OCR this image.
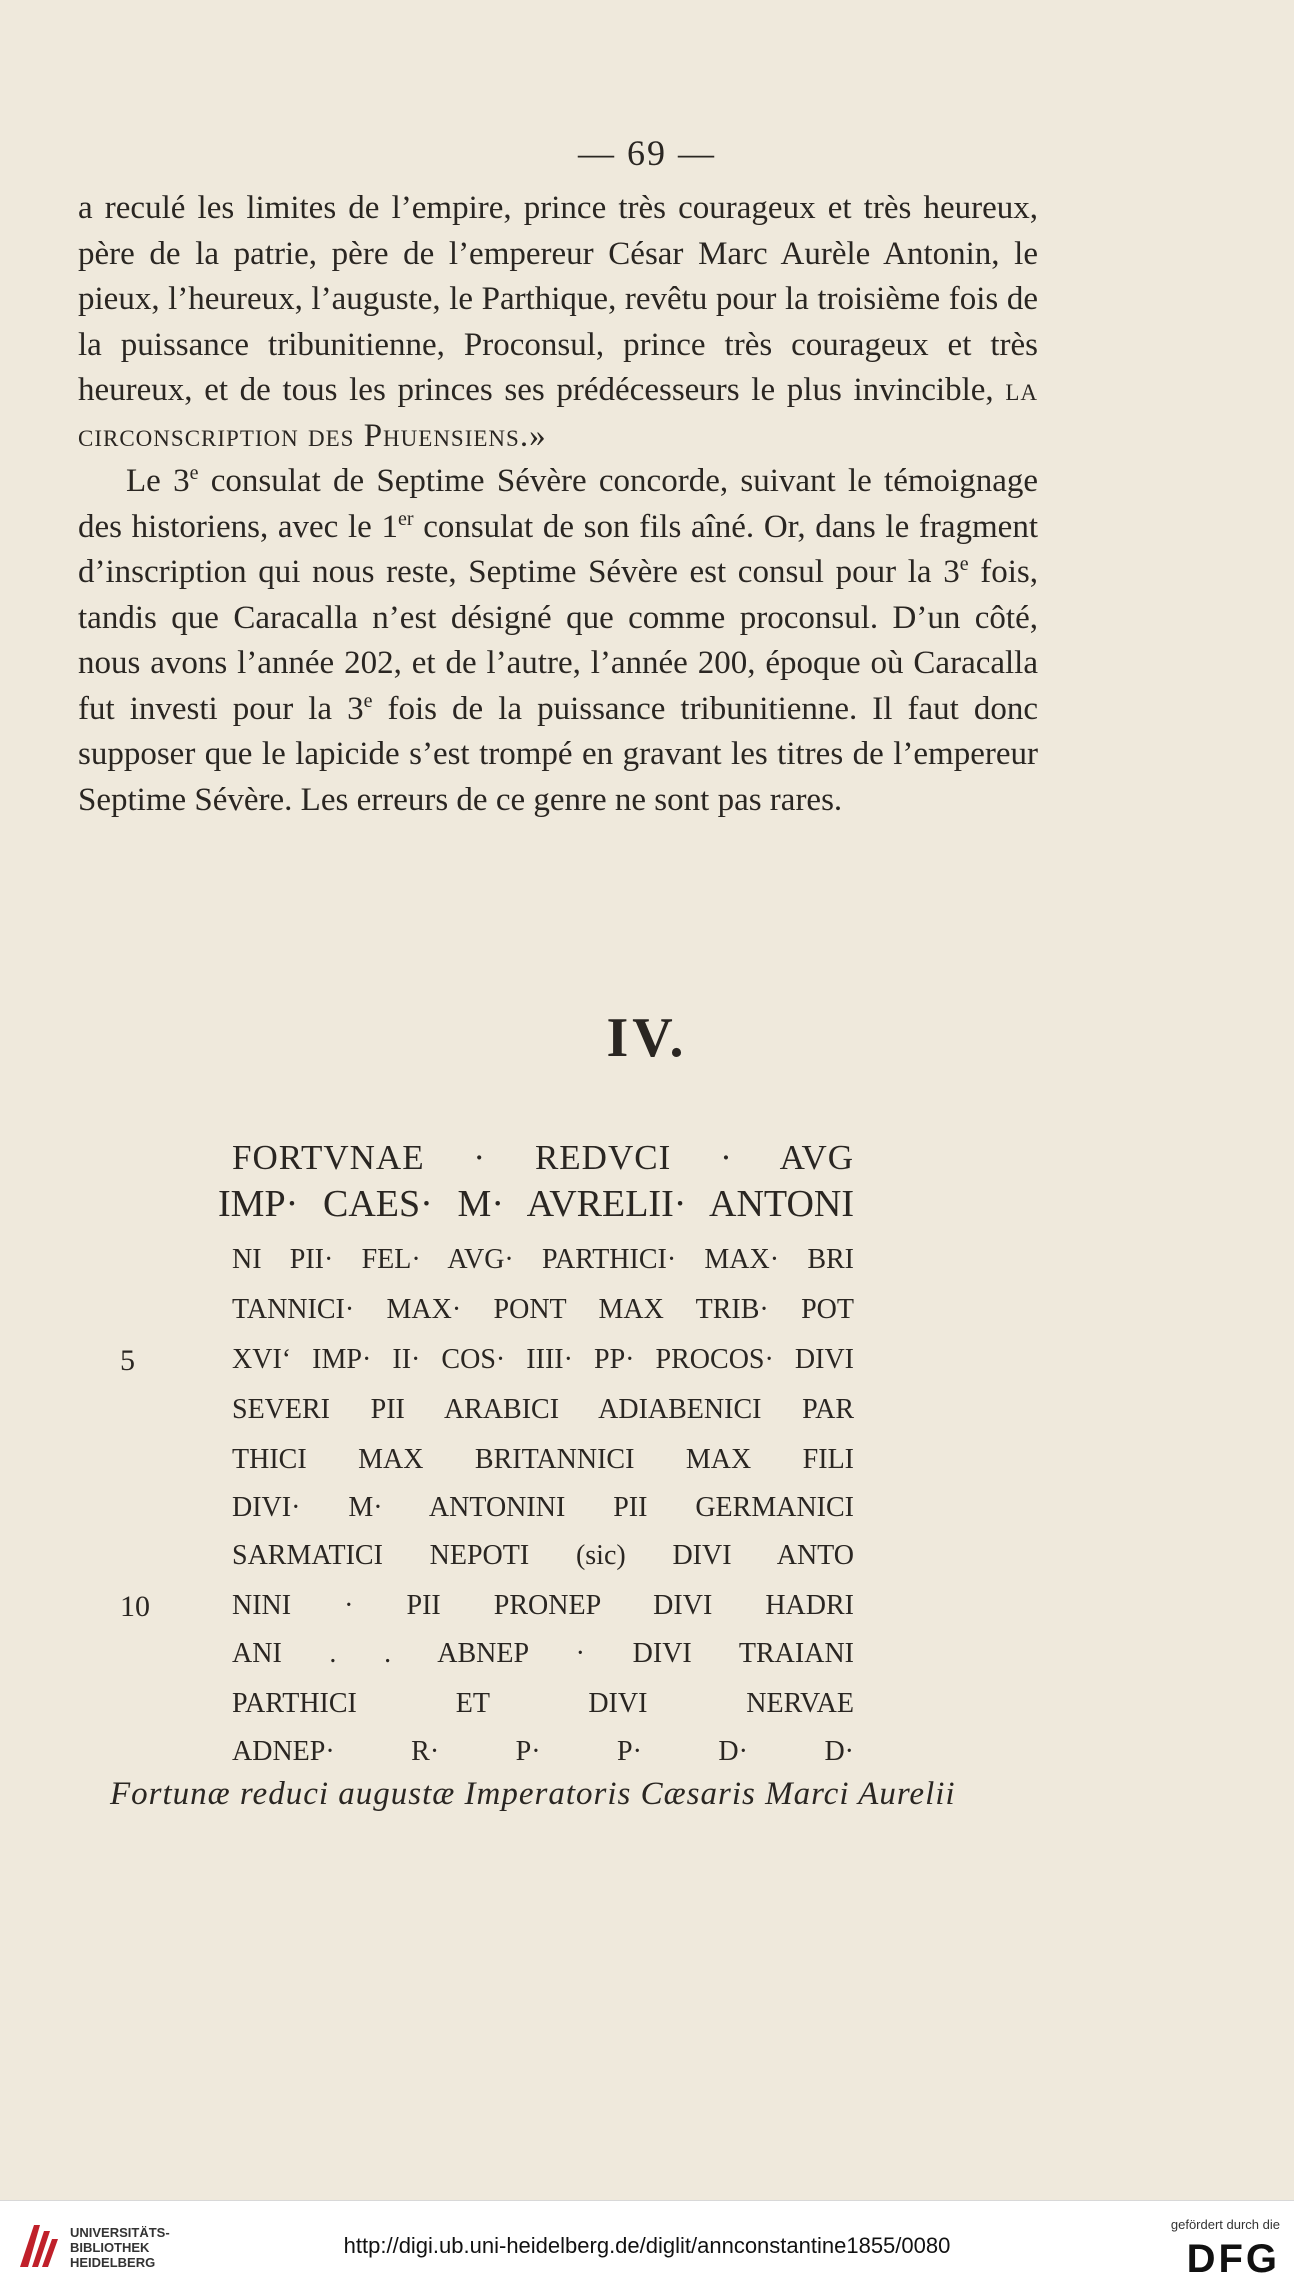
— 69 —

a reculé les limites de l’empire, prince très courageux et très heureux, père de la patrie, père de l’empereur César Marc Aurèle Antonin, le pieux, l’heureux, l’auguste, le Parthique, revêtu pour la troisième fois de la puissance tribunitienne, Proconsul, prince très courageux et très heureux, et de tous les princes ses prédécesseurs le plus invincible, la circonscription des Phuensiens.»

Le 3e consulat de Septime Sévère concorde, suivant le témoignage des historiens, avec le 1er consulat de son fils aîné. Or, dans le fragment d’inscription qui nous reste, Septime Sévère est consul pour la 3e fois, tandis que Caracalla n’est désigné que comme proconsul. D’un côté, nous avons l’année 202, et de l’autre, l’année 200, époque où Caracalla fut investi pour la 3e fois de la puissance tribunitienne. Il faut donc supposer que le lapicide s’est trompé en gravant les titres de l’empereur Septime Sévère. Les erreurs de ce genre ne sont pas rares.

IV.
FORTVNAE · REDVCI · AVG
IMP· CAES· M· AVRELII· ANTONI
NI PII· FEL· AVG· PARTHICI· MAX· BRI
TANNICI· MAX· PONT MAX TRIB· POT
XVI‘ IMP· II· COS· IIII· PP· PROCOS· DIVI
SEVERI PII ARABICI ADIABENICI PAR
THICI MAX BRITANNICI MAX FILI
DIVI· M· ANTONINI PII GERMANICI
SARMATICI NEPOTI (sic) DIVI ANTO
NINI · PII PRONEP DIVI HADRI
ANI . . ABNEP · DIVI TRAIANI
PARTHICI ET DIVI NERVAE
ADNEP· R· P· P· D· D·
5
10
Fortunæ reduci augustæ Imperatoris Cæsaris Marci Aurelii
UNIVERSITÄTS-
BIBLIOTHEK
HEIDELBERG
http://digi.ub.uni-heidelberg.de/diglit/annconstantine1855/0080
gefördert durch die
DFG
